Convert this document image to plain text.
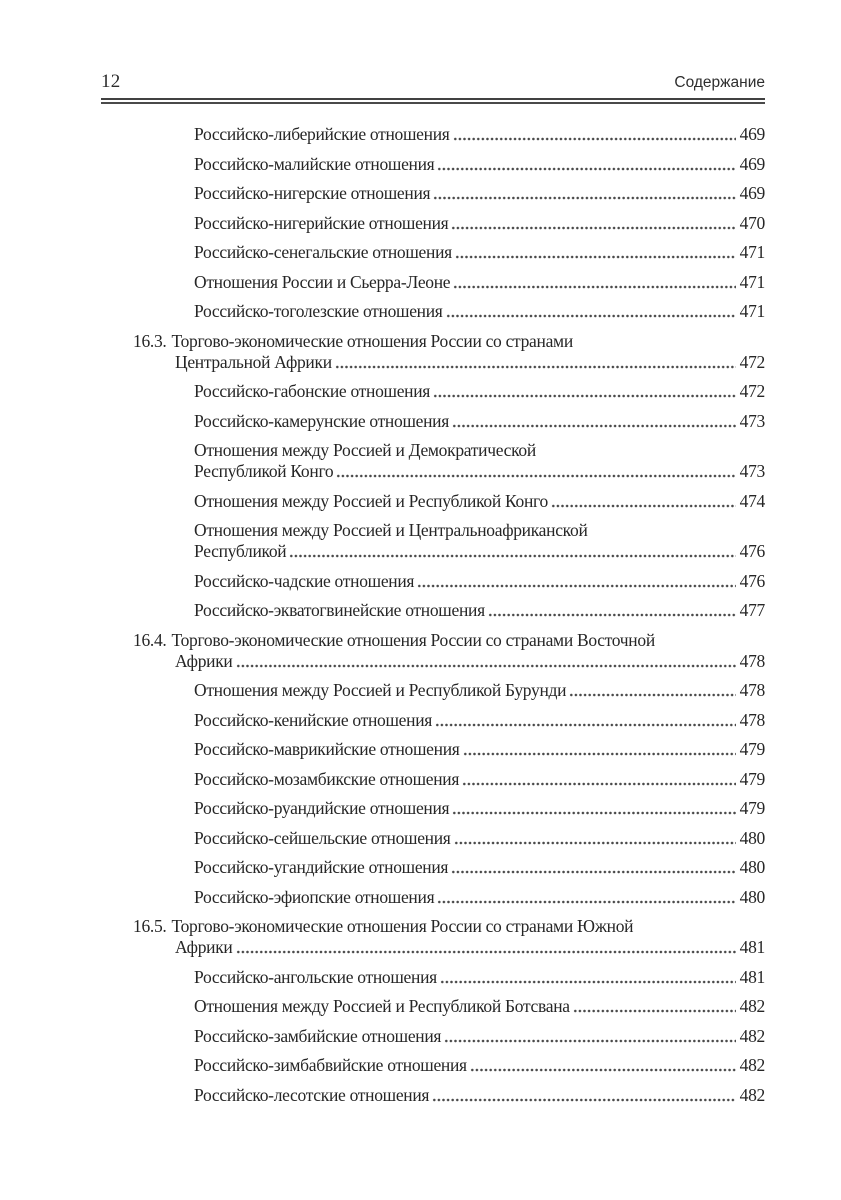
12	Содержание
Российско-либерийские отношения	469
Российско-малийские отношения	469
Российско-нигерские отношения	469
Российско-нигерийские отношения	470
Российско-сенегальские отношения	471
Отношения России и Сьерра-Леоне	471
Российско-тоголезские отношения	471
16.3. Торгово-экономические отношения России со странами
Центральной Африки	472
Российско-габонские отношения	472
Российско-камерунские отношения	473
Отношения между Россией и Демократической
Республикой Конго	473
Отношения между Россией и Республикой Конго	474
Отношения между Россией и Центральноафриканской
Республикой	476
Российско-чадские отношения	476
Российско-экватогвинейские отношения	477
16.4. Торгово-экономические отношения России со странами Восточной
Африки	478
Отношения между Россией и Республикой Бурунди	478
Российско-кенийские отношения	478
Российско-маврикийские отношения	479
Российско-мозамбикские отношения	479
Российско-руандийские отношения	479
Российско-сейшельские отношения	480
Российско-угандийские отношения	480
Российско-эфиопские отношения	480
16.5. Торгово-экономические отношения России со странами Южной
Африки	481
Российско-ангольские отношения	481
Отношения между Россией и Республикой Ботсвана	482
Российско-замбийские отношения	482
Российско-зимбабвийские отношения	482
Российско-лесотские отношения	482
